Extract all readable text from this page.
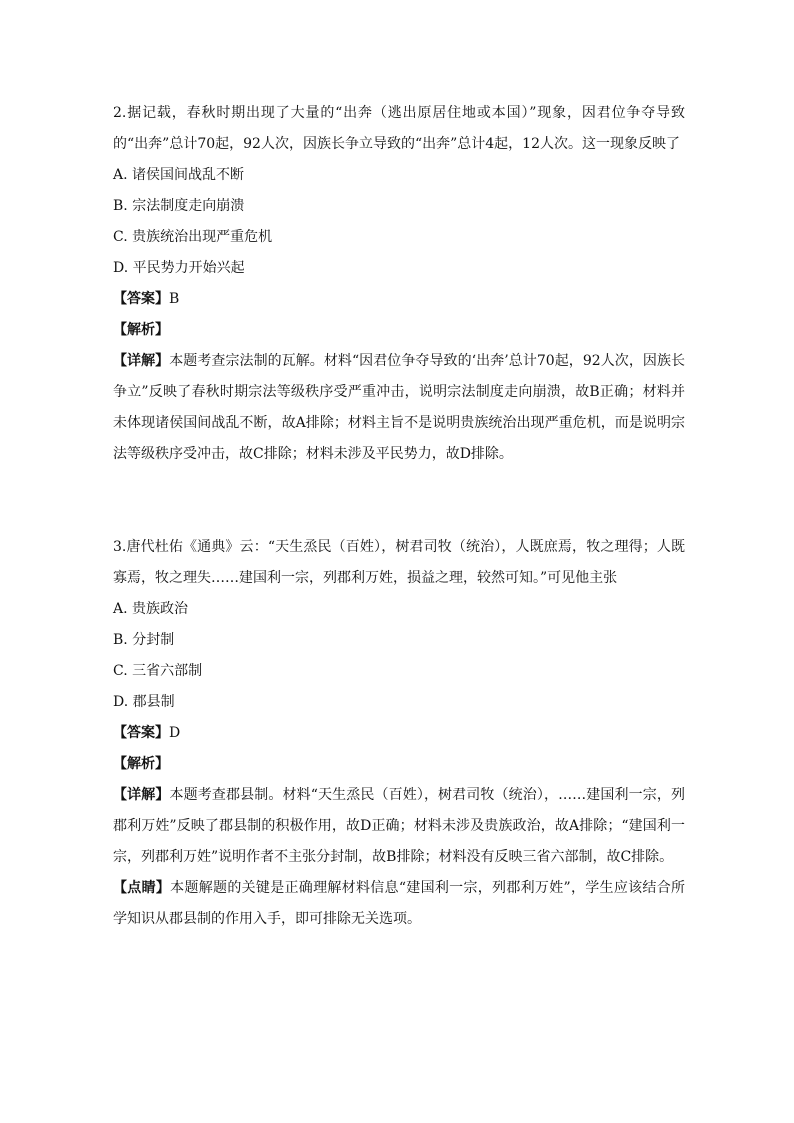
2.据记载，春秋时期出现了大量的“出奔（逃出原居住地或本国）”现象，因君位争夺导致的“出奔”总计70起，92人次，因族长争立导致的“出奔”总计4起，12人次。这一现象反映了
A. 诸侯国间战乱不断
B. 宗法制度走向崩溃
C. 贵族统治出现严重危机
D. 平民势力开始兴起
【答案】B
【解析】
【详解】本题考查宗法制的瓦解。材料“因君位争夺导致的‘出奔’总计70起，92人次，因族长争立”反映了春秋时期宗法等级秩序受严重冲击，说明宗法制度走向崩溃，故B正确；材料并未体现诸侯国间战乱不断，故A排除；材料主旨不是说明贵族统治出现严重危机，而是说明宗法等级秩序受冲击，故C排除；材料未涉及平民势力，故D排除。
3.唐代杜佑《通典》云：“天生烝民（百姓），树君司牧（统治），人既庶焉，牧之理得；人既寡焉，牧之理失……建国利一宗，列郡利万姓，损益之理，较然可知。”可见他主张
A. 贵族政治
B. 分封制
C. 三省六部制
D. 郡县制
【答案】D
【解析】
【详解】本题考查郡县制。材料“天生烝民（百姓），树君司牧（统治），……建国利一宗，列郡利万姓”反映了郡县制的积极作用，故D正确；材料未涉及贵族政治，故A排除；“建国利一宗，列郡利万姓”说明作者不主张分封制，故B排除；材料没有反映三省六部制，故C排除。
【点睛】本题解题的关键是正确理解材料信息“建国利一宗，列郡利万姓”，学生应该结合所学知识从郡县制的作用入手，即可排除无关选项。
